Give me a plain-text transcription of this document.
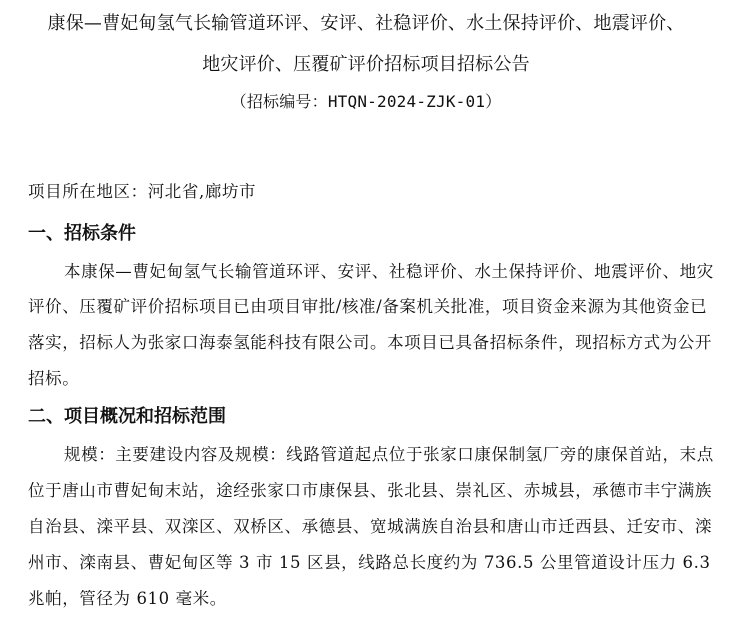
康保—曹妃甸氢气长输管道环评、安评、社稳评价、水土保持评价、地震评价、
地灾评价、压覆矿评价招标项目招标公告
（招标编号：HTQN-2024-ZJK-01）
项目所在地区：河北省,廊坊市
一、招标条件
本康保—曹妃甸氢气长输管道环评、安评、社稳评价、水土保持评价、地震评价、地灾
评价、压覆矿评价招标项目已由项目审批/核准/备案机关批准，项目资金来源为其他资金已
落实，招标人为张家口海泰氢能科技有限公司。本项目已具备招标条件，现招标方式为公开
招标。
二、项目概况和招标范围
规模：主要建设内容及规模：线路管道起点位于张家口康保制氢厂旁的康保首站，末点
位于唐山市曹妃甸末站，途经张家口市康保县、张北县、崇礼区、赤城县，承德市丰宁满族
自治县、滦平县、双滦区、双桥区、承德县、宽城满族自治县和唐山市迁西县、迁安市、滦
州市、滦南县、曹妃甸区等 3 市 15 区县，线路总长度约为 736.5 公里管道设计压力 6.3
兆帕，管径为 610 毫米。
